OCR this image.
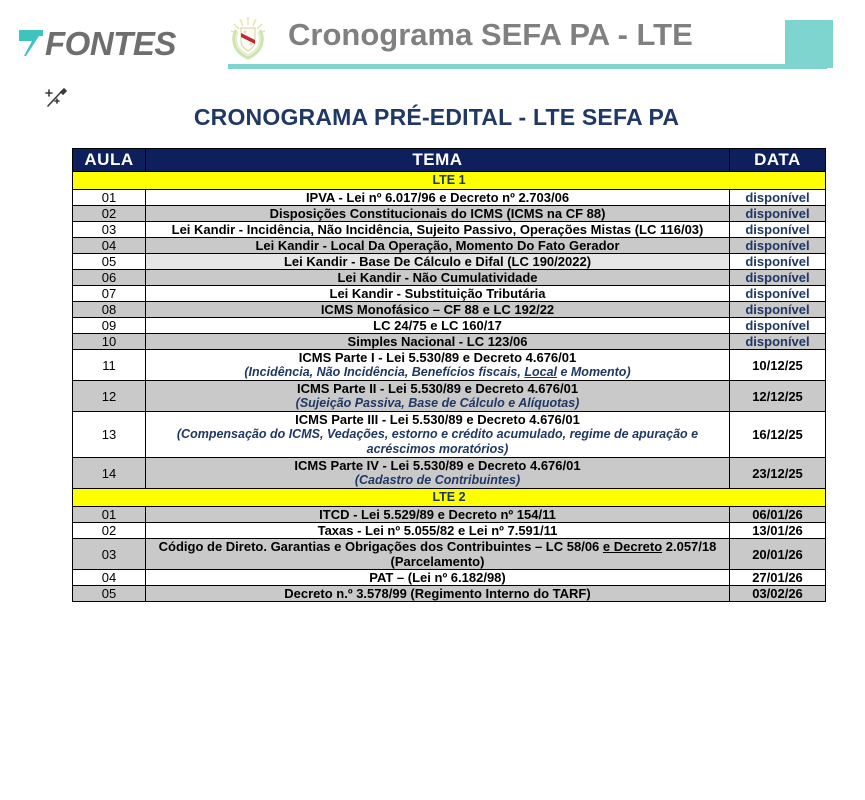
FONTES	Cronograma SEFA PA - LTE
CRONOGRAMA PRÉ-EDITAL - LTE SEFA PA
AULA	TEMA	DATA
LTE 1		
01	IPVA - Lei nº 6.017/96 e Decreto nº 2.703/06	disponível
02	Disposições Constitucionais do ICMS (ICMS na CF 88)	disponível
03	Lei Kandir - Incidência, Não Incidência, Sujeito Passivo, Operações Mistas (LC 116/03)	disponível
04	Lei Kandir - Local Da Operação, Momento Do Fato Gerador	disponível
05	Lei Kandir - Base De Cálculo e Difal (LC 190/2022)	disponível
06	Lei Kandir - Não Cumulatividade	disponível
07	Lei Kandir - Substituição Tributária	disponível
08	ICMS Monofásico – CF 88 e LC 192/22	disponível
09	LC 24/75 e LC 160/17	disponível
10	Simples Nacional - LC 123/06	disponível
11	ICMS Parte I - Lei 5.530/89 e Decreto 4.676/01
(Incidência, Não Incidência, Benefícios fiscais, Local e Momento)	10/12/25
12	ICMS Parte II - Lei 5.530/89 e Decreto 4.676/01
(Sujeição Passiva, Base de Cálculo e Alíquotas)	12/12/25
13	ICMS Parte III - Lei 5.530/89 e Decreto 4.676/01
(Compensação do ICMS, Vedações, estorno e crédito acumulado, regime de apuração e acréscimos moratórios)	16/12/25
14	ICMS Parte IV - Lei 5.530/89 e Decreto 4.676/01
(Cadastro de Contribuintes)	23/12/25
LTE 2		
01	ITCD - Lei 5.529/89 e Decreto nº 154/11	06/01/26
02	Taxas - Lei nº 5.055/82 e Lei nº 7.591/11	13/01/26
03	Código de Direto. Garantias e Obrigações dos Contribuintes – LC 58/06 e Decreto 2.057/18 (Parcelamento)	20/01/26
04	PAT – (Lei nº 6.182/98)	27/01/26
05	Decreto n.º 3.578/99 (Regimento Interno do TARF)	03/02/26
